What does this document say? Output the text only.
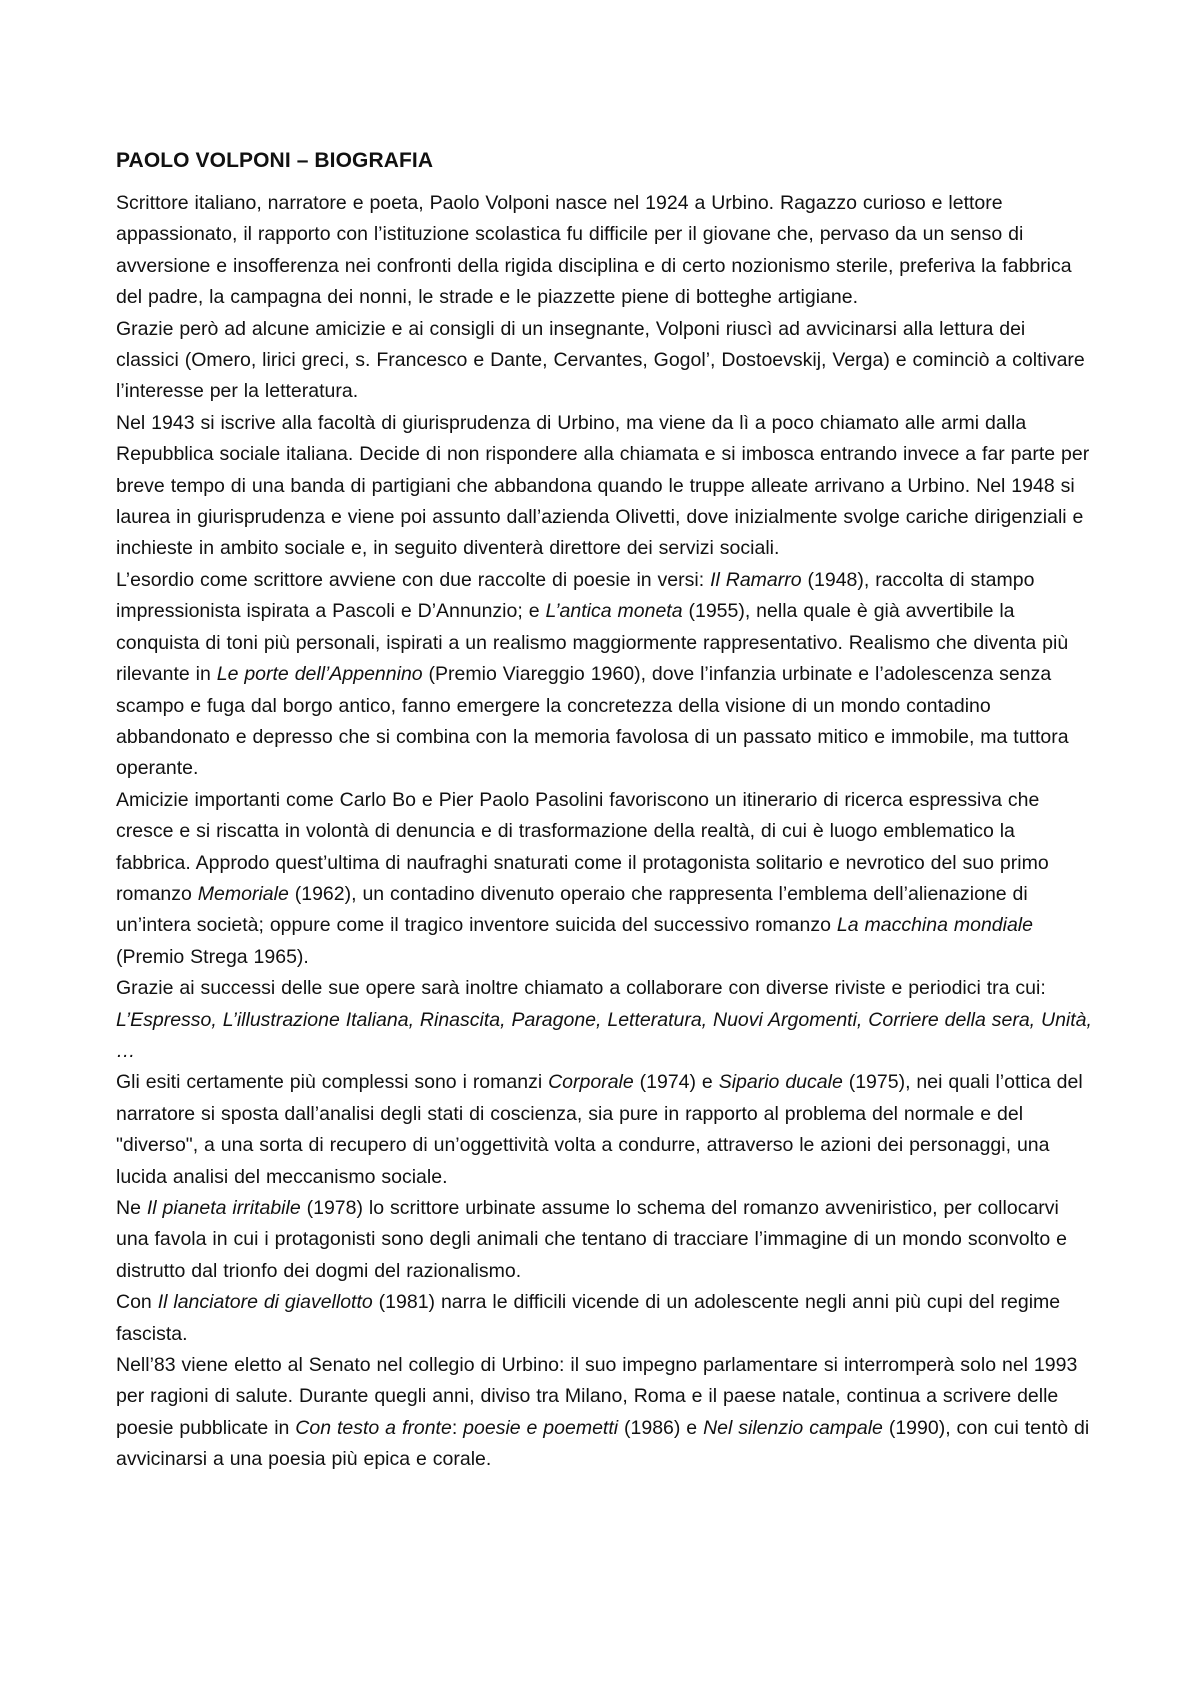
PAOLO VOLPONI – BIOGRAFIA

Scrittore italiano, narratore e poeta, Paolo Volponi nasce nel 1924 a Urbino. Ragazzo curioso e lettore appassionato, il rapporto con l’istituzione scolastica fu difficile per il giovane che, pervaso da un senso di avversione e insofferenza nei confronti della rigida disciplina e di certo nozionismo sterile, preferiva la fabbrica del padre, la campagna dei nonni, le strade e le piazzette piene di botteghe artigiane.

Grazie però ad alcune amicizie e ai consigli di un insegnante, Volponi riuscì ad avvicinarsi alla lettura dei classici (Omero, lirici greci, s. Francesco e Dante, Cervantes, Gogol’, Dostoevskij, Verga) e cominciò a coltivare l’interesse per la letteratura.

Nel 1943 si iscrive alla facoltà di giurisprudenza di Urbino, ma viene da lì a poco chiamato alle armi dalla Repubblica sociale italiana. Decide di non rispondere alla chiamata e si imbosca entrando invece a far parte per breve tempo di una banda di partigiani che abbandona quando le truppe alleate arrivano a Urbino. Nel 1948 si laurea in giurisprudenza e viene poi assunto dall’azienda Olivetti, dove inizialmente svolge cariche dirigenziali e inchieste in ambito sociale e, in seguito diventerà direttore dei servizi sociali.

L’esordio come scrittore avviene con due raccolte di poesie in versi: Il Ramarro (1948), raccolta di stampo impressionista ispirata a Pascoli e D’Annunzio; e L’antica moneta (1955), nella quale è già avvertibile la conquista di toni più personali, ispirati a un realismo maggiormente rappresentativo. Realismo che diventa più rilevante in Le porte dell’Appennino (Premio Viareggio 1960), dove l’infanzia urbinate e l’adolescenza senza scampo e fuga dal borgo antico, fanno emergere la concretezza della visione di un mondo contadino abbandonato e depresso che si combina con la memoria favolosa di un passato mitico e immobile, ma tuttora operante.

Amicizie importanti come Carlo Bo e Pier Paolo Pasolini favoriscono un itinerario di ricerca espressiva che cresce e si riscatta in volontà di denuncia e di trasformazione della realtà, di cui è luogo emblematico la fabbrica. Approdo quest’ultima di naufraghi snaturati come il protagonista solitario e nevrotico del suo primo romanzo Memoriale (1962), un contadino divenuto operaio che rappresenta l’emblema dell’alienazione di un’intera società; oppure come il tragico inventore suicida del successivo romanzo La macchina mondiale (Premio Strega 1965).

Grazie ai successi delle sue opere sarà inoltre chiamato a collaborare con diverse riviste e periodici tra cui: L’Espresso, L’illustrazione Italiana, Rinascita, Paragone, Letteratura, Nuovi Argomenti, Corriere della sera, Unità, …

Gli esiti certamente più complessi sono i romanzi Corporale (1974) e Sipario ducale (1975), nei quali l’ottica del narratore si sposta dall’analisi degli stati di coscienza, sia pure in rapporto al problema del normale e del "diverso", a una sorta di recupero di un’oggettività volta a condurre, attraverso le azioni dei personaggi, una lucida analisi del meccanismo sociale.

Ne Il pianeta irritabile (1978) lo scrittore urbinate assume lo schema del romanzo avveniristico, per collocarvi una favola in cui i protagonisti sono degli animali che tentano di tracciare l’immagine di un mondo sconvolto e distrutto dal trionfo dei dogmi del razionalismo.

Con Il lanciatore di giavellotto (1981) narra le difficili vicende di un adolescente negli anni più cupi del regime fascista.

Nell’83 viene eletto al Senato nel collegio di Urbino: il suo impegno parlamentare si interromperà solo nel 1993 per ragioni di salute. Durante quegli anni, diviso tra Milano, Roma e il paese natale, continua a scrivere delle poesie pubblicate in Con testo a fronte: poesie e poemetti (1986) e Nel silenzio campale (1990), con cui tentò di avvicinarsi a una poesia più epica e corale.
